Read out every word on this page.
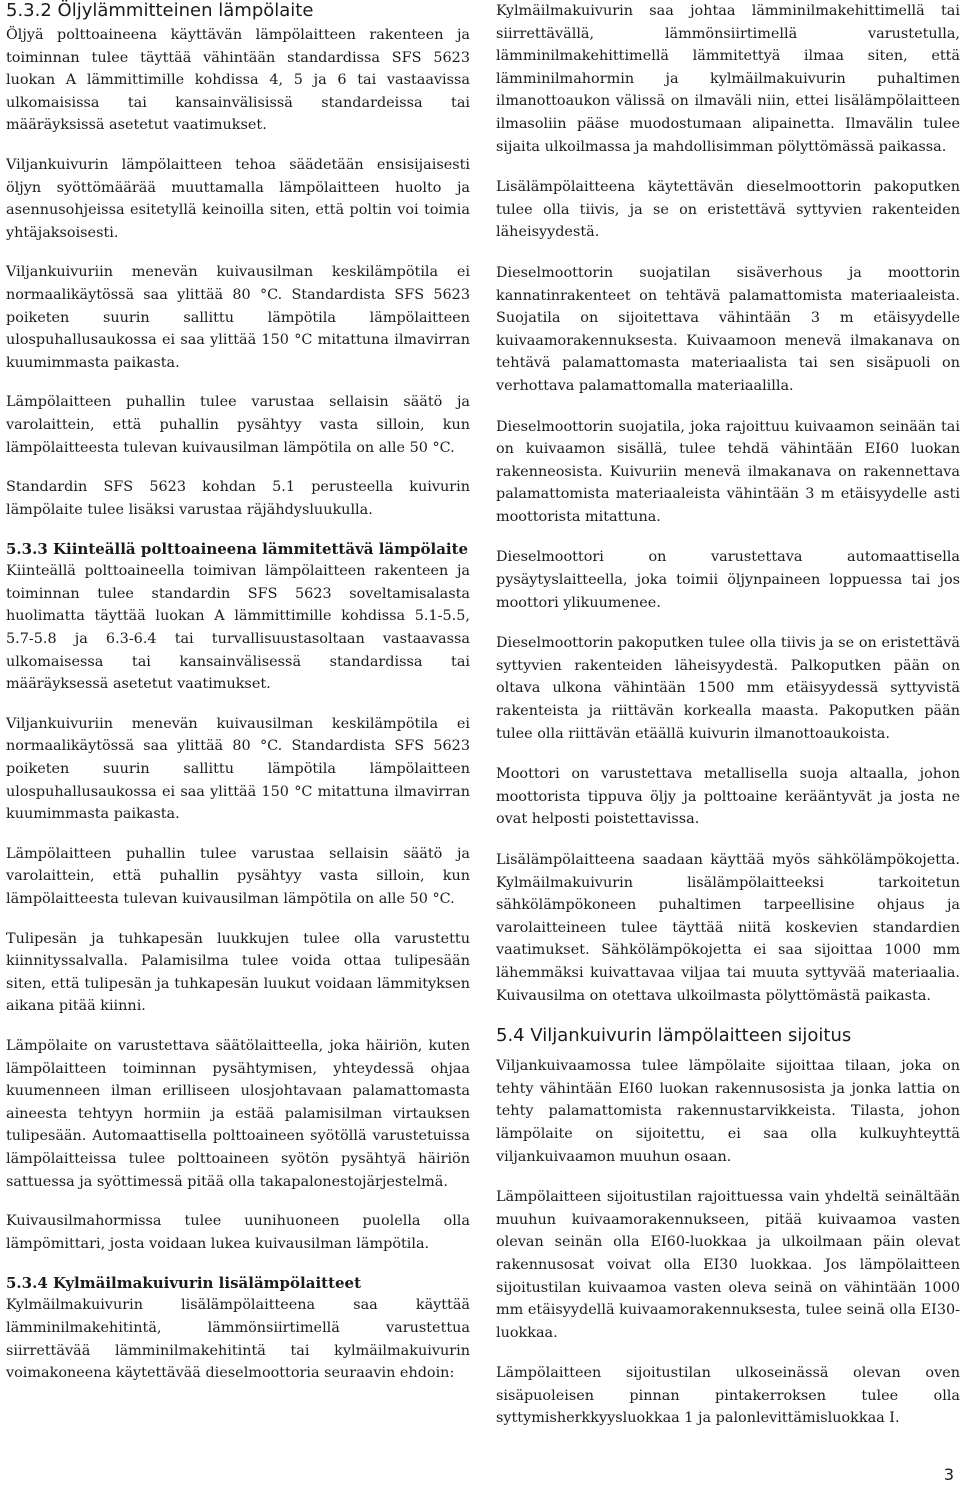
5.3.2 Öljylämmitteinen lämpölaite

Öljyä polttoaineena käyttävän lämpölaitteen rakenteen ja toiminnan tulee täyttää vähintään standardissa SFS 5623 luokan A lämmittimille kohdissa 4, 5 ja 6 tai vastaavissa ulkomaisissa tai kansainvälisissä standardeissa tai määräyksissä asetetut vaatimukset.

Viljankuivurin lämpölaitteen tehoa säädetään ensisijaisesti öljyn syöttömäärää muuttamalla lämpölaitteen huolto ja asennusohjeissa esitetyllä keinoilla siten, että poltin voi toimia yhtäjaksoisesti.

Viljankuivuriin menevän kuivausilman keskilämpötila ei normaalikäytössä saa ylittää 80 °C. Standardista SFS 5623 poiketen suurin sallittu lämpötila lämpölaitteen ulospuhallusaukossa ei saa ylittää 150 °C mitattuna ilmavirran kuumimmasta paikasta.

Lämpölaitteen puhallin tulee varustaa sellaisin säätö ja varolaittein, että puhallin pysähtyy vasta silloin, kun lämpölaitteesta tulevan kuivausilman lämpötila on alle 50 °C.

Standardin SFS 5623 kohdan 5.1 perusteella kuivurin lämpölaite tulee lisäksi varustaa räjähdysluukulla.

5.3.3 Kiinteällä polttoaineena lämmitettävä lämpölaite

Kiinteällä polttoaineella toimivan lämpölaitteen rakenteen ja toiminnan tulee standardin SFS 5623 soveltamisalasta huolimatta täyttää luokan A lämmittimille kohdissa 5.1-5.5, 5.7-5.8 ja 6.3-6.4 tai turvallisuustasoltaan vastaavassa ulkomaisessa tai kansainvälisessä standardissa tai määräyksessä asetetut vaatimukset.

Viljankuivuriin menevän kuivausilman keskilämpötila ei normaalikäytössä saa ylittää 80 °C. Standardista SFS 5623 poiketen suurin sallittu lämpötila lämpölaitteen ulospuhallusaukossa ei saa ylittää 150 °C mitattuna ilmavirran kuumimmasta paikasta.

Lämpölaitteen puhallin tulee varustaa sellaisin säätö ja varolaittein, että puhallin pysähtyy vasta silloin, kun lämpölaitteesta tulevan kuivausilman lämpötila on alle 50 °C.

Tulipesän ja tuhkapesän luukkujen tulee olla varustettu kiinnityssalvalla. Palamisilma tulee voida ottaa tulipesään siten, että tulipesän ja tuhkapesän luukut voidaan lämmityksen aikana pitää kiinni.

Lämpölaite on varustettava säätölaitteella, joka häiriön, kuten lämpölaitteen toiminnan pysähtymisen, yhteydessä ohjaa kuumenneen ilman erilliseen ulosjohtavaan palamattomasta aineesta tehtyyn hormiin ja estää palamisilman virtauksen tulipesään. Automaattisella polttoaineen syötöllä varustetuissa lämpölaitteissa tulee polttoaineen syötön pysähtyä häiriön sattuessa ja syöttimessä pitää olla takapalonestojärjestelmä.

Kuivausilmahormissa tulee uunihuoneen puolella olla lämpömittari, josta voidaan lukea kuivausilman lämpötila.

5.3.4 Kylmäilmakuivurin lisälämpölaitteet

Kylmäilmakuivurin lisälämpölaitteena saa käyttää lämminilmakehitintä, lämmönsiirtimellä varustettua siirrettävää lämminilmakehitintä tai kylmäilmakuivurin voimakoneena käytettävää dieselmoottoria seuraavin ehdoin:

Kylmäilmakuivurin saa johtaa lämminilmakehittimellä tai siirrettävällä, lämmönsiirtimellä varustetulla, lämminilmakehittimellä lämmitettyä ilmaa siten, että lämminilmahormin ja kylmäilmakuivurin puhaltimen ilmanottoaukon välissä on ilmaväli niin, ettei lisälämpölaitteen ilmasoliin pääse muodostumaan alipainetta. Ilmavälin tulee sijaita ulkoilmassa ja mahdollisimman pölyttömässä paikassa.

Lisälämpölaitteena käytettävän dieselmoottorin pakoputken tulee olla tiivis, ja se on eristettävä syttyvien rakenteiden läheisyydestä.

Dieselmoottorin suojatilan sisäverhous ja moottorin kannatinrakenteet on tehtävä palamattomista materiaaleista. Suojatila on sijoitettava vähintään 3 m etäisyydelle kuivaamorakennuksesta. Kuivaamoon menevä ilmakanava on tehtävä palamattomasta materiaalista tai sen sisäpuoli on verhottava palamattomalla materiaalilla.

Dieselmoottorin suojatila, joka rajoittuu kuivaamon seinään tai on kuivaamon sisällä, tulee tehdä vähintään EI60 luokan rakenneosista. Kuivuriin menevä ilmakanava on rakennettava palamattomista materiaaleista vähintään 3 m etäisyydelle asti moottorista mitattuna.

Dieselmoottori on varustettava automaattisella pysäytyslaitteella, joka toimii öljynpaineen loppuessa tai jos moottori ylikuumenee.

Dieselmoottorin pakoputken tulee olla tiivis ja se on eristettävä syttyvien rakenteiden läheisyydestä. Palkoputken pään on oltava ulkona vähintään 1500 mm etäisyydessä syttyvistä rakenteista ja riittävän korkealla maasta. Pakoputken pään tulee olla riittävän etäällä kuivurin ilmanottoaukoista.

Moottori on varustettava metallisella suoja altaalla, johon moottorista tippuva öljy ja polttoaine kerääntyvät ja josta ne ovat helposti poistettavissa.

Lisälämpölaitteena saadaan käyttää myös sähkölämpökojetta. Kylmäilmakuivurin lisälämpölaitteeksi tarkoitetun sähkölämpökoneen puhaltimen tarpeellisine ohjaus ja varolaitteineen tulee täyttää niitä koskevien standardien vaatimukset. Sähkölämpökojetta ei saa sijoittaa 1000 mm lähemmäksi kuivattavaa viljaa tai muuta syttyvää materiaalia. Kuivausilma on otettava ulkoilmasta pölyttömästä paikasta.

5.4 Viljankuivurin lämpölaitteen sijoitus

Viljankuivaamossa tulee lämpölaite sijoittaa tilaan, joka on tehty vähintään EI60 luokan rakennusosista ja jonka lattia on tehty palamattomista rakennustarvikkeista. Tilasta, johon lämpölaite on sijoitettu, ei saa olla kulkuyhteyttä viljankuivaamon muuhun osaan.

Lämpölaitteen sijoitustilan rajoittuessa vain yhdeltä seinältään muuhun kuivaamorakennukseen, pitää kuivaamoa vasten olevan seinän olla EI60-luokkaa ja ulkoilmaan päin olevat rakennusosat voivat olla EI30 luokkaa. Jos lämpölaitteen sijoitustilan kuivaamoa vasten oleva seinä on vähintään 1000 mm etäisyydellä kuivaamorakennuksesta, tulee seinä olla EI30-luokkaa.

Lämpölaitteen sijoitustilan ulkoseinässä olevan oven sisäpuoleisen pinnan pintakerroksen tulee olla syttymisherkkyysluokkaa 1 ja palonlevittämisluokkaa I.

3
